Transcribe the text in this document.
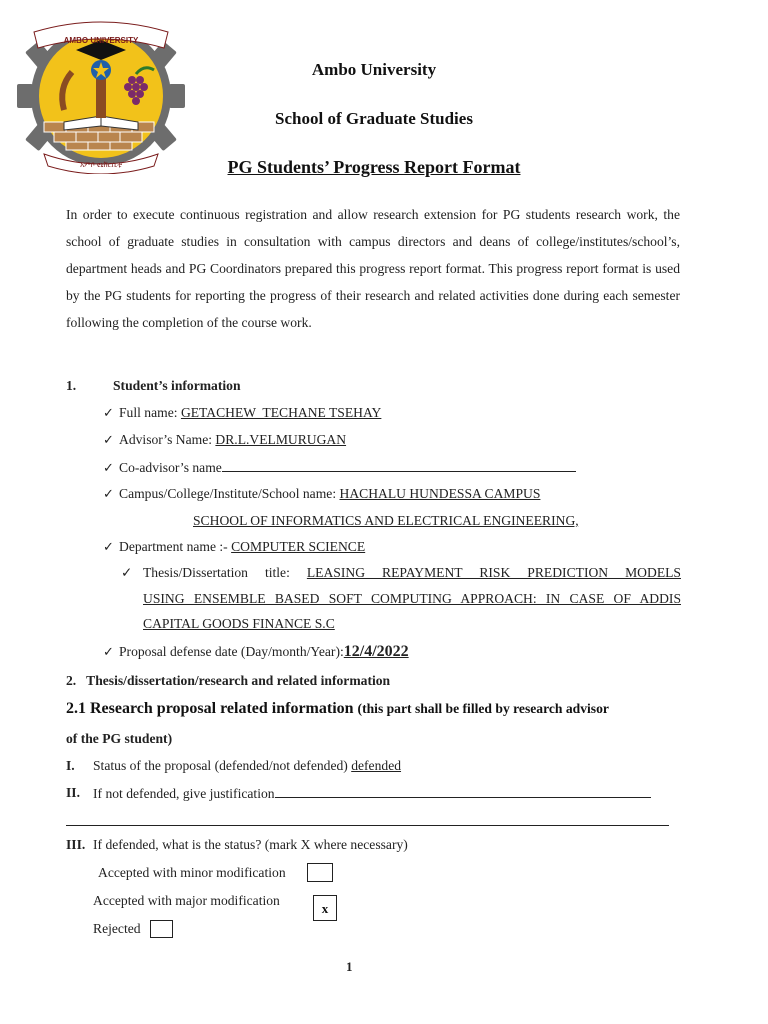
AMBO UNIVERSITY
አምቦ ዩኒቨርሲቲ
Ambo University
School of Graduate Studies
PG Students’ Progress Report Format
In order to execute continuous registration and allow research extension for PG students research work, the school of graduate studies in consultation with campus directors and deans of college/institutes/school’s, department heads and PG Coordinators prepared this progress report format. This progress report format is used by the PG students for reporting the progress of their research and related activities done during each semester following the completion of the course work.
1.	Student’s information
✓ Full name: GETACHEW  TECHANE TSEHAY
✓ Advisor’s Name: DR.L.VELMURUGAN
✓ Co-advisor’s name
✓ Campus/College/Institute/School name: HACHALU HUNDESSA CAMPUS
SCHOOL OF INFORMATICS AND ELECTRICAL ENGINEERING,
✓ Department name :- COMPUTER SCIENCE
✓ Thesis/Dissertation title: LEASING REPAYMENT RISK PREDICTION MODELS
USING ENSEMBLE BASED SOFT COMPUTING APPROACH: IN CASE OF ADDIS
CAPITAL GOODS FINANCE S.C
✓ Proposal defense date (Day/month/Year):12/4/2022
2.   Thesis/dissertation/research and related information
2.1 Research proposal related information (this part shall be filled by research advisor
of the PG student)
I. Status of the proposal (defended/not defended) defended
II. If not defended, give justification
III. If defended, what is the status? (mark X where necessary)
Accepted with minor modification
Accepted with major modification
x
Rejected
1
